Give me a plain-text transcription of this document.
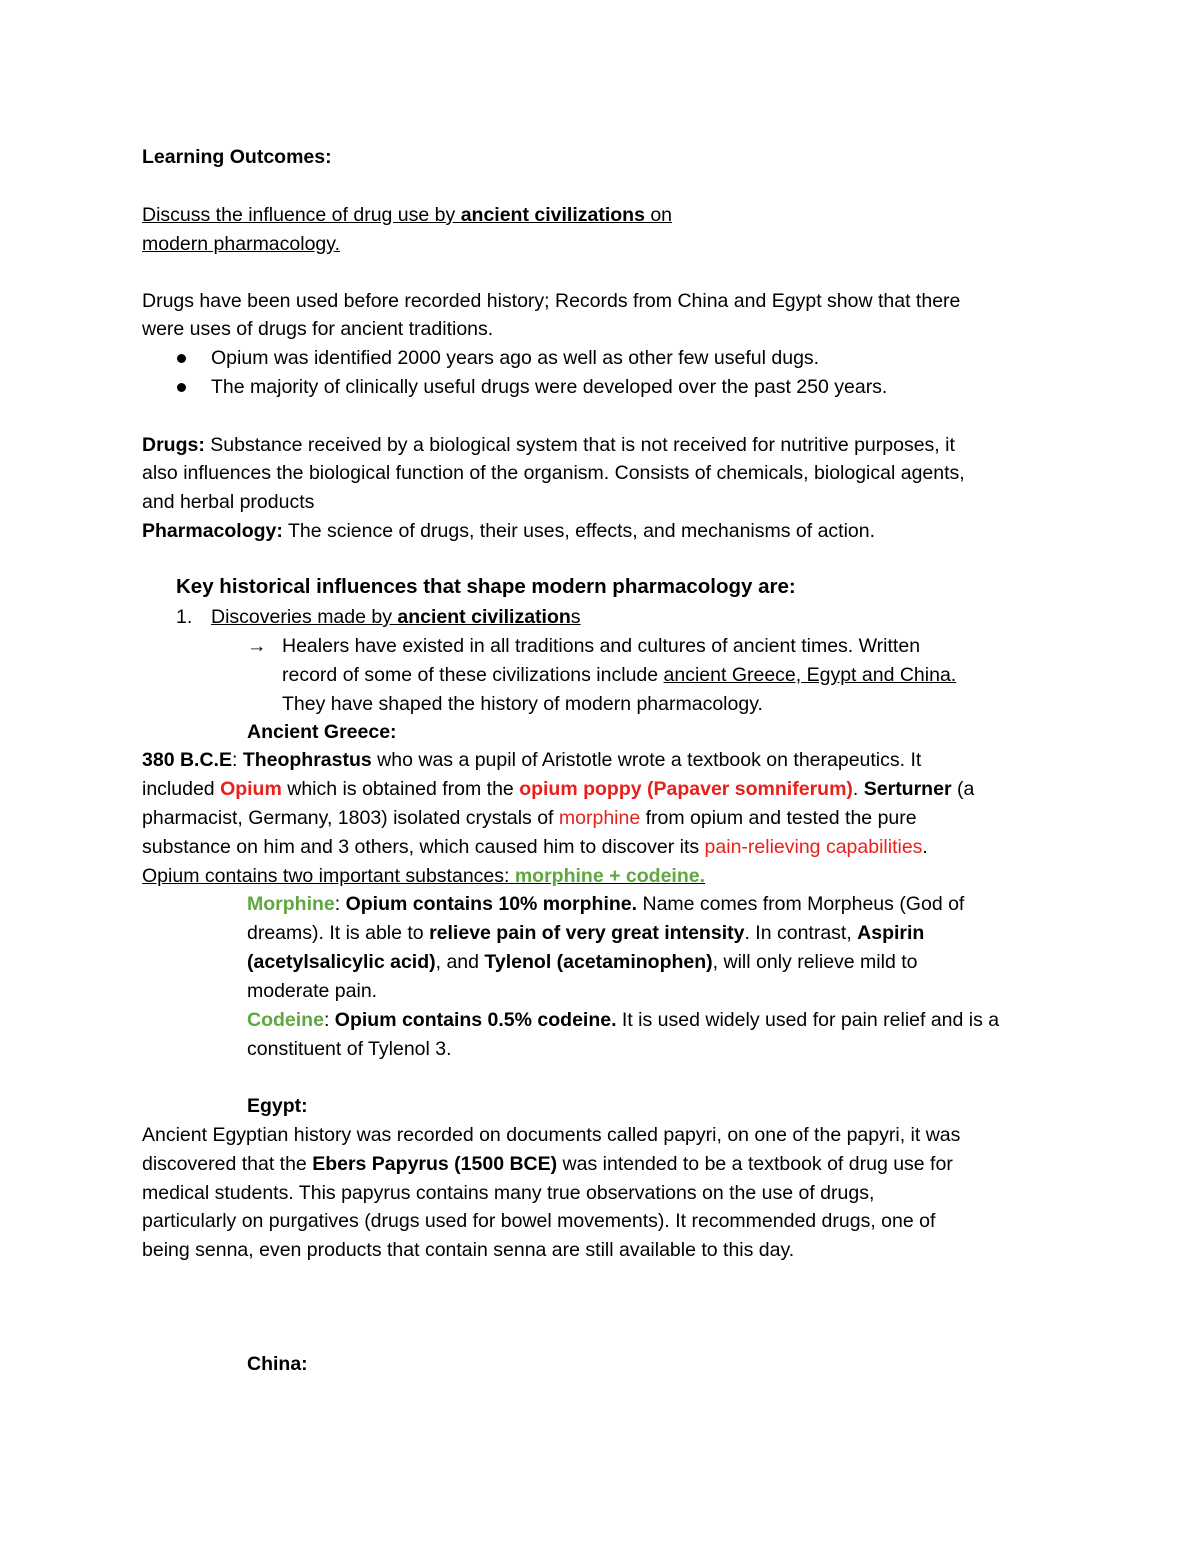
Learning Outcomes:
Discuss the influence of drug use by ancient civilizations on
modern pharmacology.
Drugs have been used before recorded history; Records from China and Egypt show that there
were uses of drugs for ancient traditions.
Opium was identified 2000 years ago as well as other few useful dugs.
The majority of clinically useful drugs were developed over the past 250 years.
Drugs: Substance received by a biological system that is not received for nutritive purposes, it
also influences the biological function of the organism. Consists of chemicals, biological agents,
and herbal products
Pharmacology: The science of drugs, their uses, effects, and mechanisms of action.
Key historical influences that shape modern pharmacology are:
1. Discoveries made by ancient civilizations
→ Healers have existed in all traditions and cultures of ancient times. Written
record of some of these civilizations include ancient Greece, Egypt and China.
They have shaped the history of modern pharmacology.
Ancient Greece:
380 B.C.E: Theophrastus who was a pupil of Aristotle wrote a textbook on therapeutics. It
included Opium which is obtained from the opium poppy (Papaver somniferum). Serturner (a
pharmacist, Germany, 1803) isolated crystals of morphine from opium and tested the pure
substance on him and 3 others, which caused him to discover its pain-relieving capabilities.
Opium contains two important substances: morphine + codeine.
Morphine: Opium contains 10% morphine. Name comes from Morpheus (God of
dreams). It is able to relieve pain of very great intensity. In contrast, Aspirin
(acetylsalicylic acid), and Tylenol (acetaminophen), will only relieve mild to
moderate pain.
Codeine: Opium contains 0.5% codeine. It is used widely used for pain relief and is a
constituent of Tylenol 3.
Egypt:
Ancient Egyptian history was recorded on documents called papyri, on one of the papyri, it was
discovered that the Ebers Papyrus (1500 BCE) was intended to be a textbook of drug use for
medical students. This papyrus contains many true observations on the use of drugs,
particularly on purgatives (drugs used for bowel movements). It recommended drugs, one of
being senna, even products that contain senna are still available to this day.
China:
